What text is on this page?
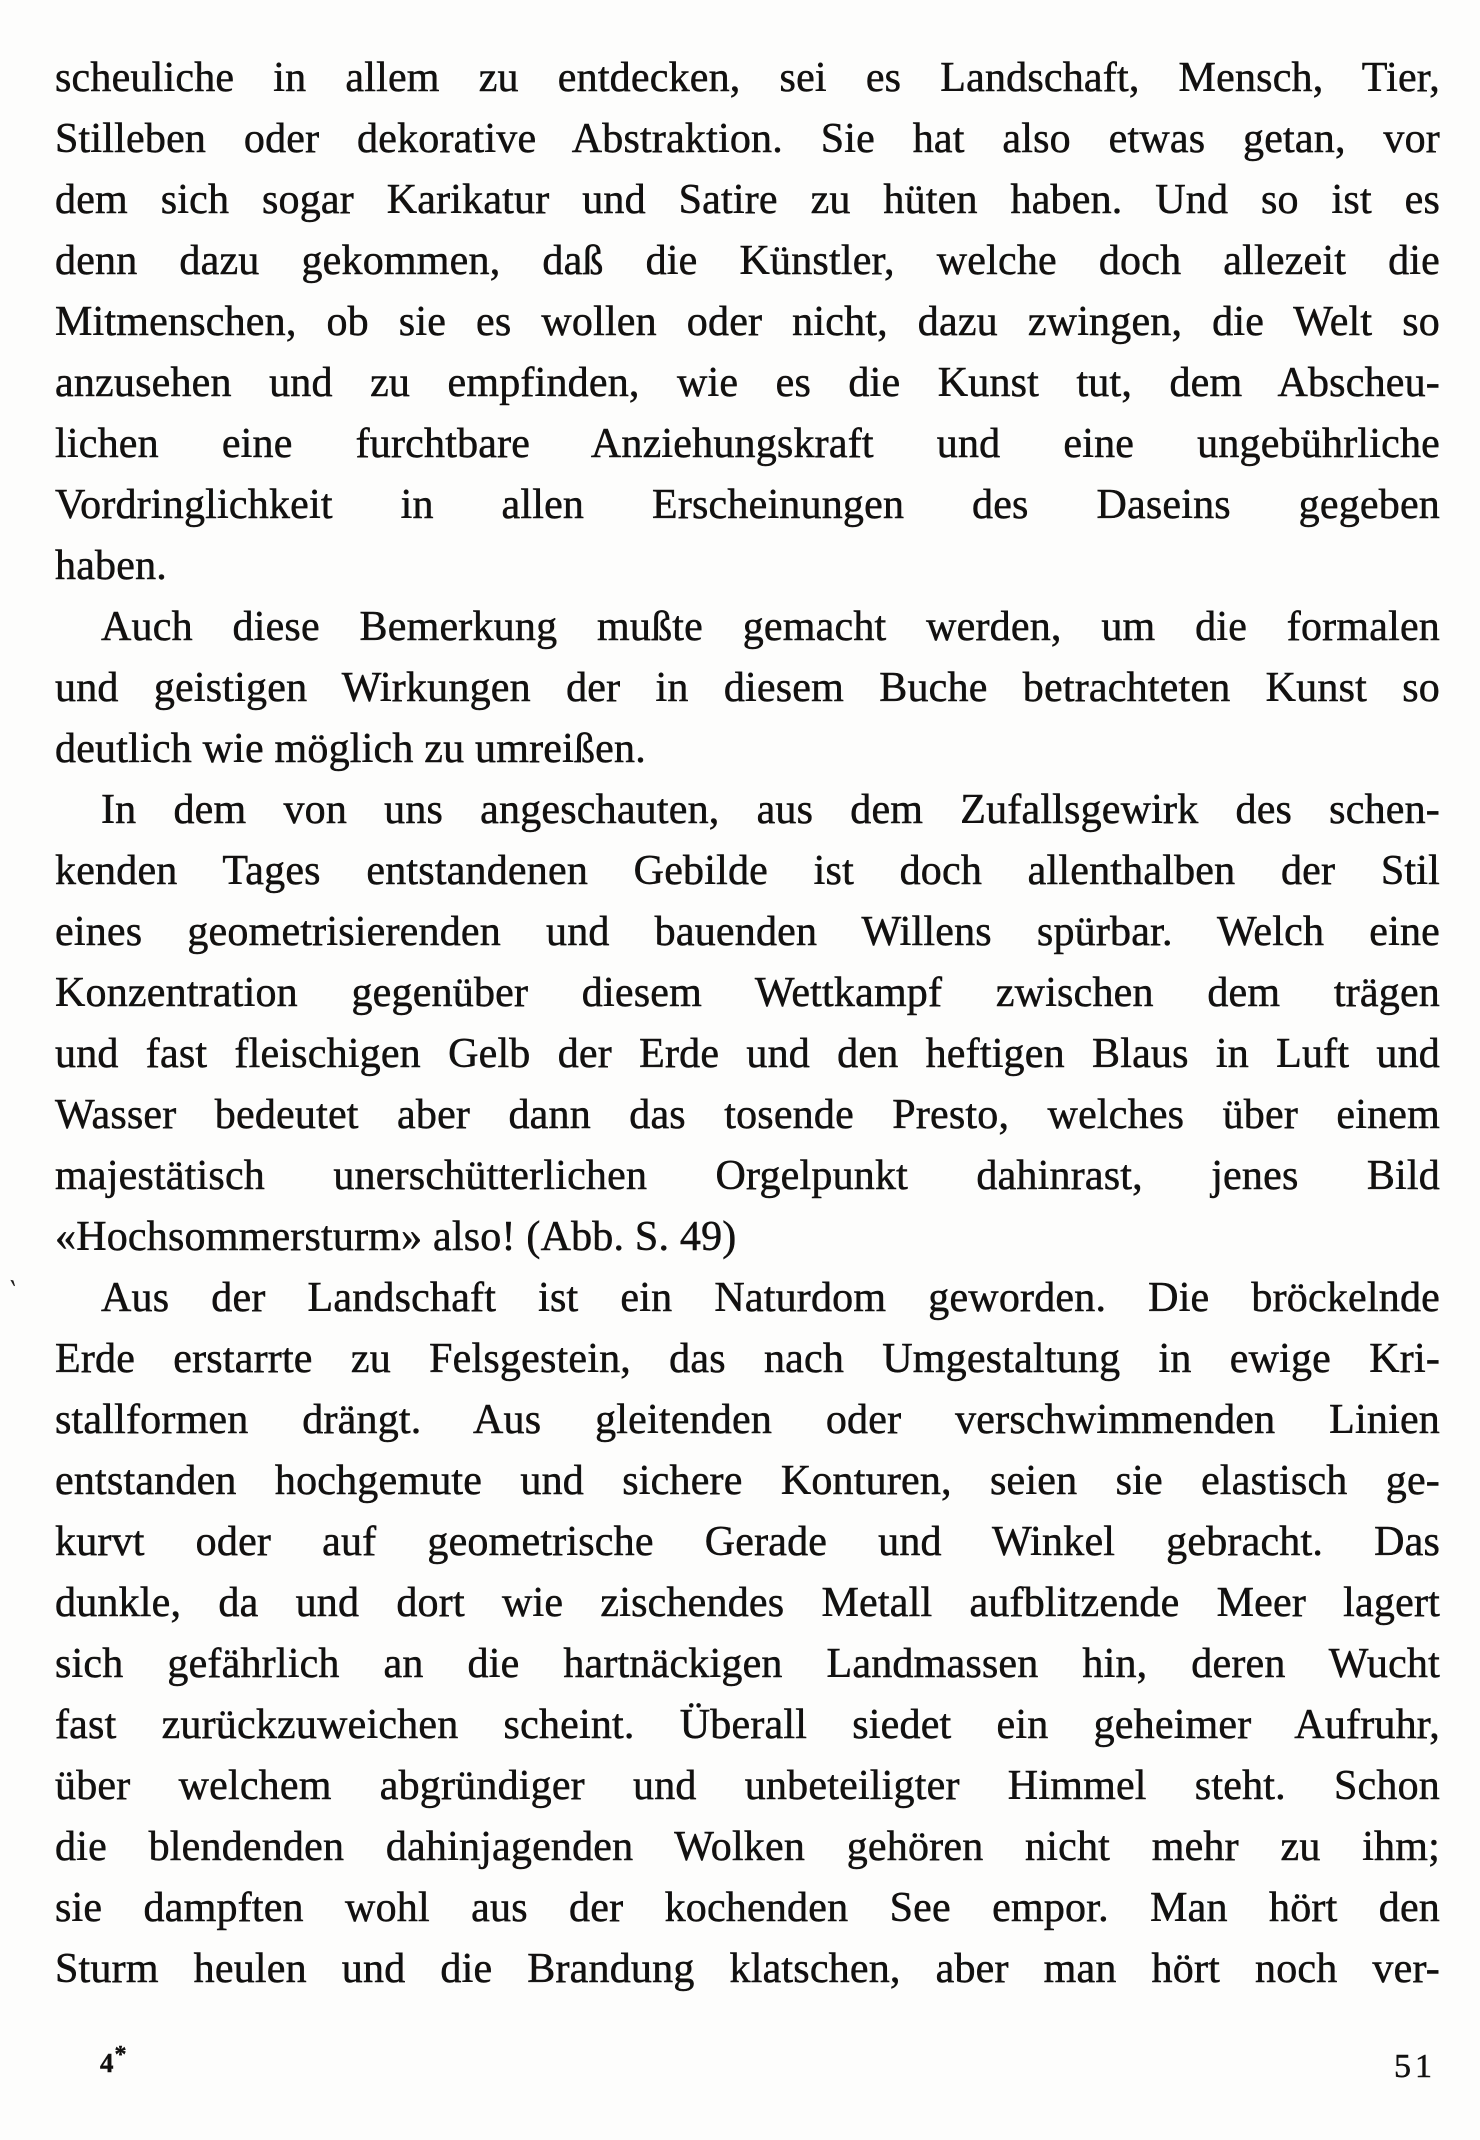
‵
scheuliche in allem zu entdecken, sei es Landschaft, Mensch, Tier,
Stilleben oder dekorative Abstraktion. Sie hat also etwas getan, vor
dem sich sogar Karikatur und Satire zu hüten haben. Und so ist es
denn dazu gekommen, daß die Künstler, welche doch allezeit die
Mitmenschen, ob sie es wollen oder nicht, dazu zwingen, die Welt so
anzusehen und zu empfinden, wie es die Kunst tut, dem Abscheu-
lichen eine furchtbare Anziehungskraft und eine ungebührliche
Vordringlichkeit in allen Erscheinungen des Daseins gegeben
haben.
Auch diese Bemerkung mußte gemacht werden, um die formalen
und geistigen Wirkungen der in diesem Buche betrachteten Kunst so
deutlich wie möglich zu umreißen.
In dem von uns angeschauten, aus dem Zufallsgewirk des schen-
kenden Tages entstandenen Gebilde ist doch allenthalben der Stil
eines geometrisierenden und bauenden Willens spürbar. Welch eine
Konzentration gegenüber diesem Wettkampf zwischen dem trägen
und fast fleischigen Gelb der Erde und den heftigen Blaus in Luft und
Wasser bedeutet aber dann das tosende Presto, welches über einem
majestätisch unerschütterlichen Orgelpunkt dahinrast, jenes Bild
«Hochsommersturm» also! (Abb. S. 49)
Aus der Landschaft ist ein Naturdom geworden. Die bröckelnde
Erde erstarrte zu Felsgestein, das nach Umgestaltung in ewige Kri-
stallformen drängt. Aus gleitenden oder verschwimmenden Linien
entstanden hochgemute und sichere Konturen, seien sie elastisch ge-
kurvt oder auf geometrische Gerade und Winkel gebracht. Das
dunkle, da und dort wie zischendes Metall aufblitzende Meer lagert
sich gefährlich an die hartnäckigen Landmassen hin, deren Wucht
fast zurückzuweichen scheint. Überall siedet ein geheimer Aufruhr,
über welchem abgründiger und unbeteiligter Himmel steht. Schon
die blendenden dahinjagenden Wolken gehören nicht mehr zu ihm;
sie dampften wohl aus der kochenden See empor. Man hört den
Sturm heulen und die Brandung klatschen, aber man hört noch ver-
4*	51
